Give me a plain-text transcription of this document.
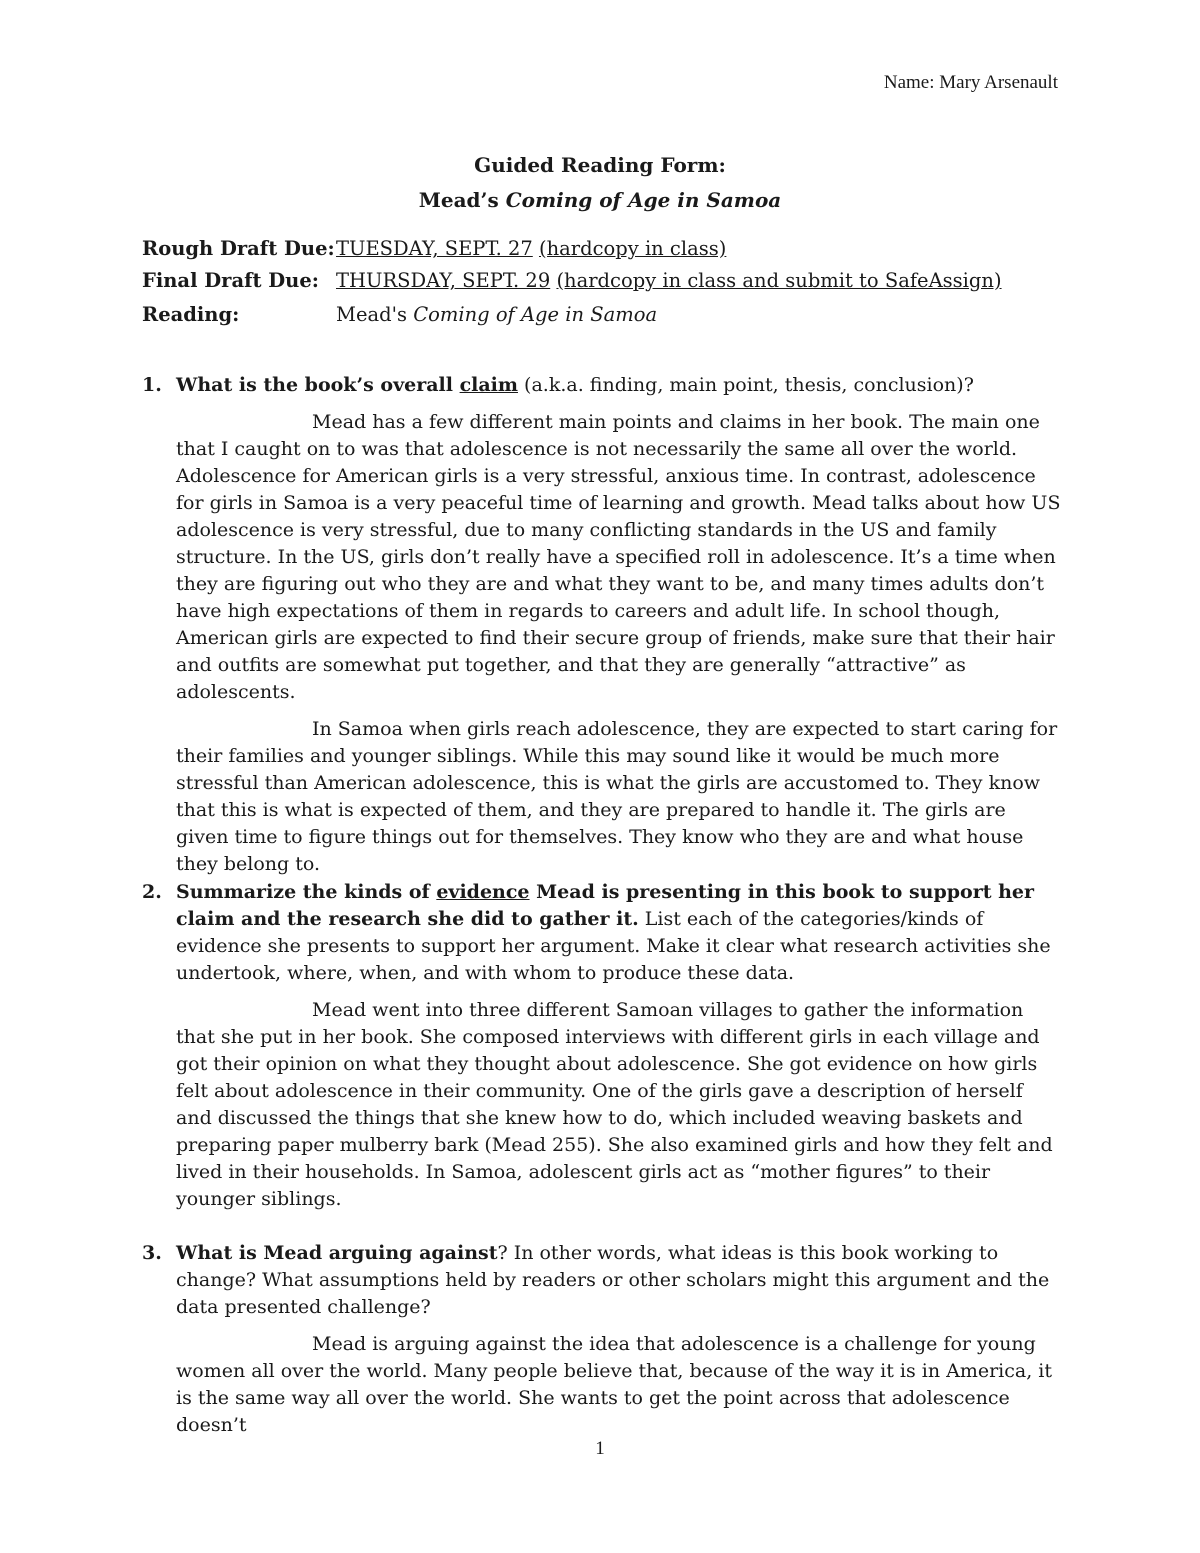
Name: Mary Arsenault
Guided Reading Form:
Mead’s Coming of Age in Samoa
Rough Draft Due:TUESDAY, SEPT. 27 (hardcopy in class)
Final Draft Due: THURSDAY, SEPT. 29 (hardcopy in class and submit to SafeAssign)
Reading:	Mead's Coming of Age in Samoa
1. What is the book’s overall claim (a.k.a. finding, main point, thesis, conclusion)?

Mead has a few different main points and claims in her book. The main one that I caught on to was that adolescence is not necessarily the same all over the world. Adolescence for American girls is a very stressful, anxious time. In contrast, adolescence for girls in Samoa is a very peaceful time of learning and growth. Mead talks about how US adolescence is very stressful, due to many conflicting standards in the US and family structure. In the US, girls don’t really have a specified roll in adolescence. It’s a time when they are figuring out who they are and what they want to be, and many times adults don’t have high expectations of them in regards to careers and adult life. In school though, American girls are expected to find their secure group of friends, make sure that their hair and outfits are somewhat put together, and that they are generally “attractive” as adolescents.

In Samoa when girls reach adolescence, they are expected to start caring for their families and younger siblings. While this may sound like it would be much more stressful than American adolescence, this is what the girls are accustomed to. They know that this is what is expected of them, and they are prepared to handle it. The girls are given time to figure things out for themselves. They know who they are and what house they belong to.

2. Summarize the kinds of evidence Mead is presenting in this book to support her claim and the research she did to gather it. List each of the categories/kinds of evidence she presents to support her argument. Make it clear what research activities she undertook, where, when, and with whom to produce these data.

Mead went into three different Samoan villages to gather the information that she put in her book. She composed interviews with different girls in each village and got their opinion on what they thought about adolescence. She got evidence on how girls felt about adolescence in their community. One of the girls gave a description of herself and discussed the things that she knew how to do, which included weaving baskets and preparing paper mulberry bark (Mead 255). She also examined girls and how they felt and lived in their households. In Samoa, adolescent girls act as “mother figures” to their younger siblings.

3. What is Mead arguing against? In other words, what ideas is this book working to change? What assumptions held by readers or other scholars might this argument and the data presented challenge?

Mead is arguing against the idea that adolescence is a challenge for young women all over the world. Many people believe that, because of the way it is in America, it is the same way all over the world. She wants to get the point across that adolescence doesn’t

1
